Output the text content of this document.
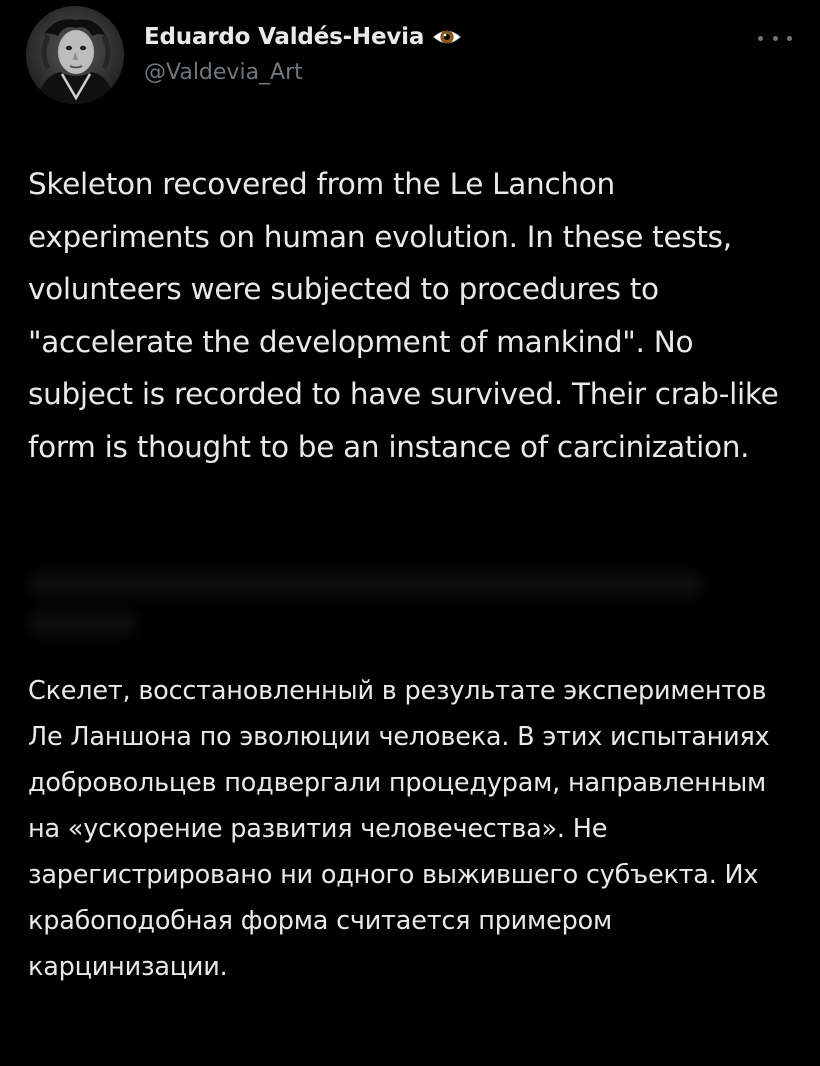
Eduardo Valdés-Hevia
@Valdevia_Art

Skeleton recovered from the Le Lanchon experiments on human evolution. In these tests, volunteers were subjected to procedures to "accelerate the development of mankind". No subject is recorded to have survived. Their crab-like form is thought to be an instance of carcinization.

Скелет, восстановленный в результате экспериментов Ле Ланшона по эволюции человека. В этих испытаниях добровольцев подвергали процедурам, направленным на «ускорение развития человечества». Не зарегистрировано ни одного выжившего субъекта. Их крабоподобная форма считается примером карцинизации.
